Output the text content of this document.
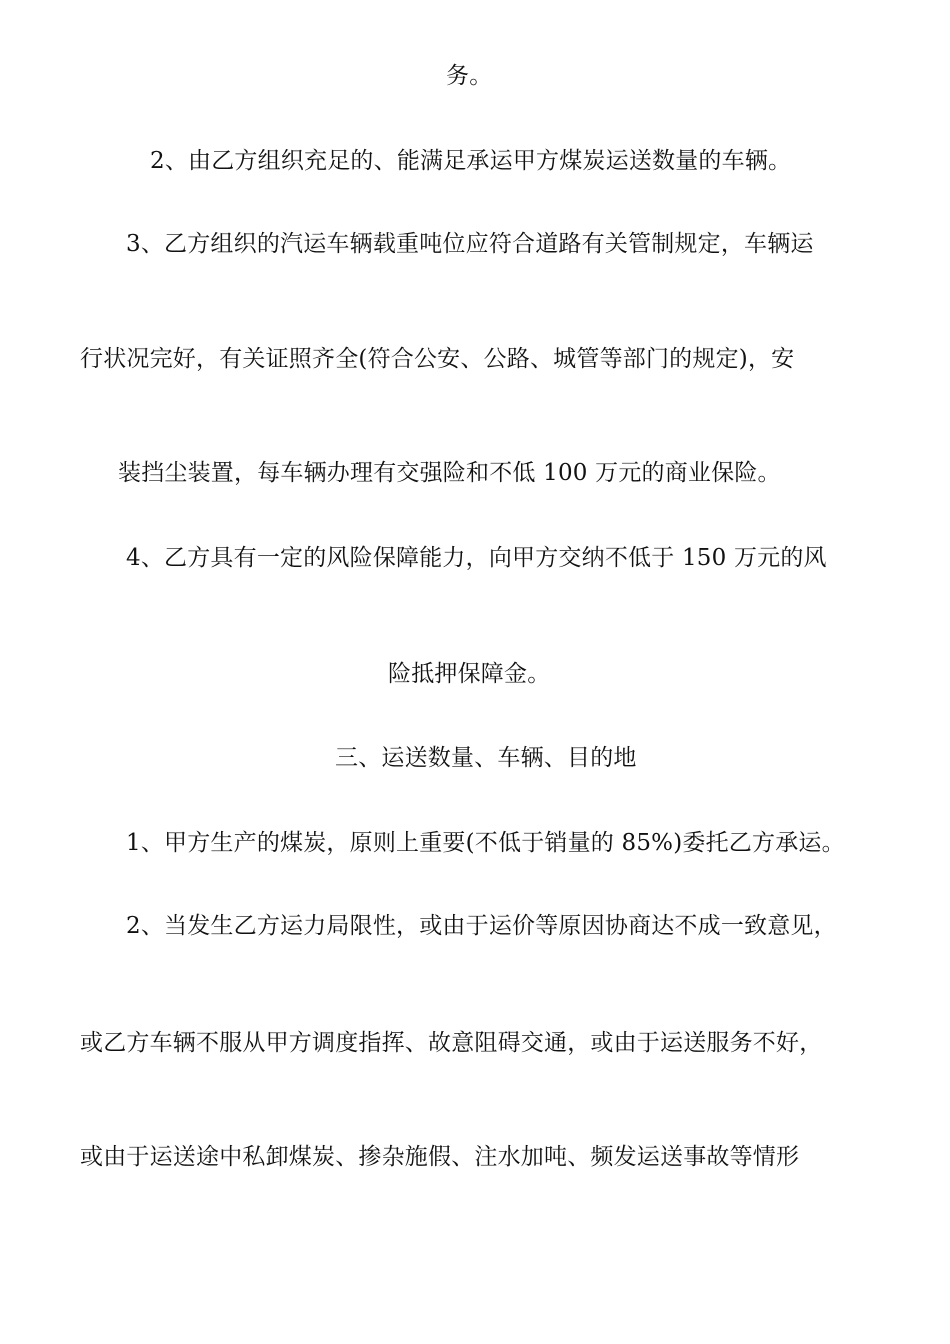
务。
2、由乙方组织充足的、能满足承运甲方煤炭运送数量的车辆。
3、乙方组织的汽运车辆载重吨位应符合道路有关管制规定，车辆运
行状况完好，有关证照齐全(符合公安、公路、城管等部门的规定)，安
装挡尘装置，每车辆办理有交强险和不低 100 万元的商业保险。
4、乙方具有一定的风险保障能力，向甲方交纳不低于 150 万元的风
险抵押保障金。
三、运送数量、车辆、目的地
1、甲方生产的煤炭，原则上重要(不低于销量的 85%)委托乙方承运。
2、当发生乙方运力局限性，或由于运价等原因协商达不成一致意见，
或乙方车辆不服从甲方调度指挥、故意阻碍交通，或由于运送服务不好，
或由于运送途中私卸煤炭、掺杂施假、注水加吨、频发运送事故等情形
